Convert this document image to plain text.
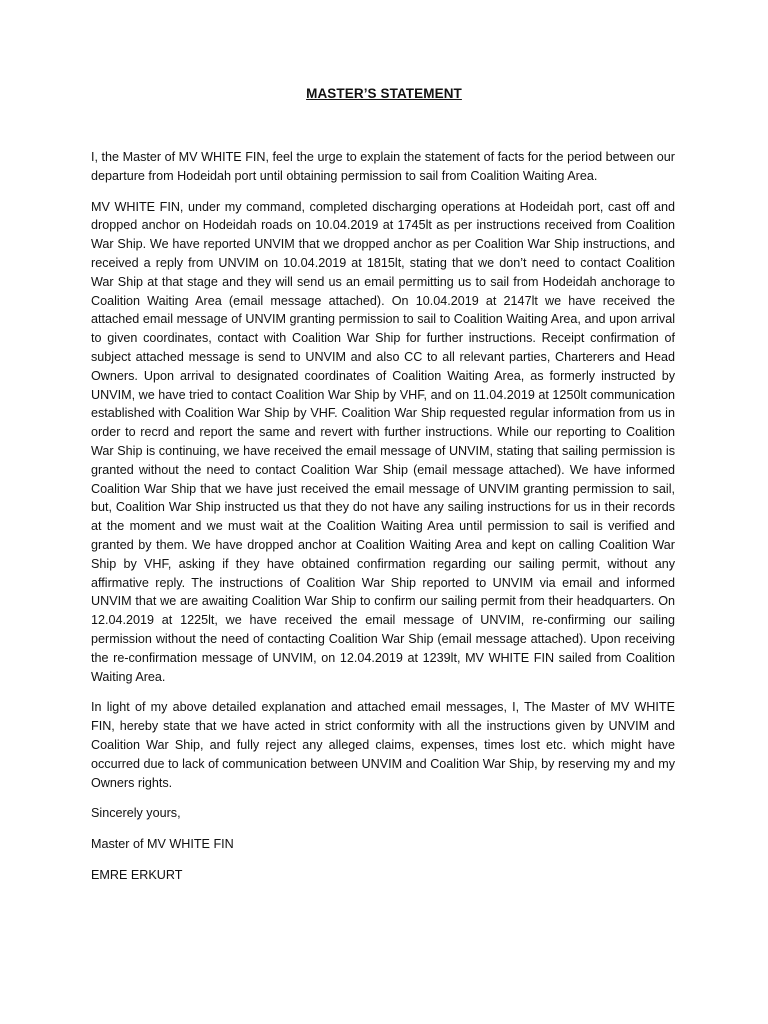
MASTER’S STATEMENT

I, the Master of MV WHITE FIN, feel the urge to explain the statement of facts for the period between our departure from Hodeidah port until obtaining permission to sail from Coalition Waiting Area.

MV WHITE FIN, under my command, completed discharging operations at Hodeidah port, cast off and dropped anchor on Hodeidah roads on 10.04.2019 at 1745lt as per instructions received from Coalition War Ship. We have reported UNVIM that we dropped anchor as per Coalition War Ship instructions, and received a reply from UNVIM on 10.04.2019 at 1815lt, stating that we don’t need to contact Coalition War Ship at that stage and they will send us an email permitting us to sail from Hodeidah anchorage to Coalition Waiting Area (email message attached). On 10.04.2019 at 2147lt we have received the attached email message of UNVIM granting permission to sail to Coalition Waiting Area, and upon arrival to given coordinates, contact with Coalition War Ship for further instructions. Receipt confirmation of subject attached message is send to UNVIM and also CC to all relevant parties, Charterers and Head Owners. Upon arrival to designated coordinates of Coalition Waiting Area, as formerly instructed by UNVIM, we have tried to contact Coalition War Ship by VHF, and on 11.04.2019 at 1250lt communication established with Coalition War Ship by VHF. Coalition War Ship requested regular information from us in order to recrd and report the same and revert with further instructions. While our reporting to Coalition War Ship is continuing, we have received the email message of UNVIM, stating that sailing permission is granted without the need to contact Coalition War Ship (email message attached). We have informed Coalition War Ship that we have just received the email message of UNVIM granting permission to sail, but, Coalition War Ship instructed us that they do not have any sailing instructions for us in their records at the moment and we must wait at the Coalition Waiting Area until permission to sail is verified and granted by them. We have dropped anchor at Coalition Waiting Area and kept on calling Coalition War Ship by VHF, asking if they have obtained confirmation regarding our sailing permit, without any affirmative reply. The instructions of Coalition War Ship reported to UNVIM via email and informed UNVIM that we are awaiting Coalition War Ship to confirm our sailing permit from their headquarters. On 12.04.2019 at 1225lt, we have received the email message of UNVIM, re-confirming our sailing permission without the need of contacting Coalition War Ship (email message attached). Upon receiving the re-confirmation message of UNVIM, on 12.04.2019 at 1239lt, MV WHITE FIN sailed from Coalition Waiting Area.

In light of my above detailed explanation and attached email messages, I, The Master of MV WHITE FIN, hereby state that we have acted in strict conformity with all the instructions given by UNVIM and Coalition War Ship, and fully reject any alleged claims, expenses, times lost etc. which might have occurred due to lack of communication between UNVIM and Coalition War Ship, by reserving my and my Owners rights.

Sincerely yours,

Master of MV WHITE FIN

EMRE ERKURT
